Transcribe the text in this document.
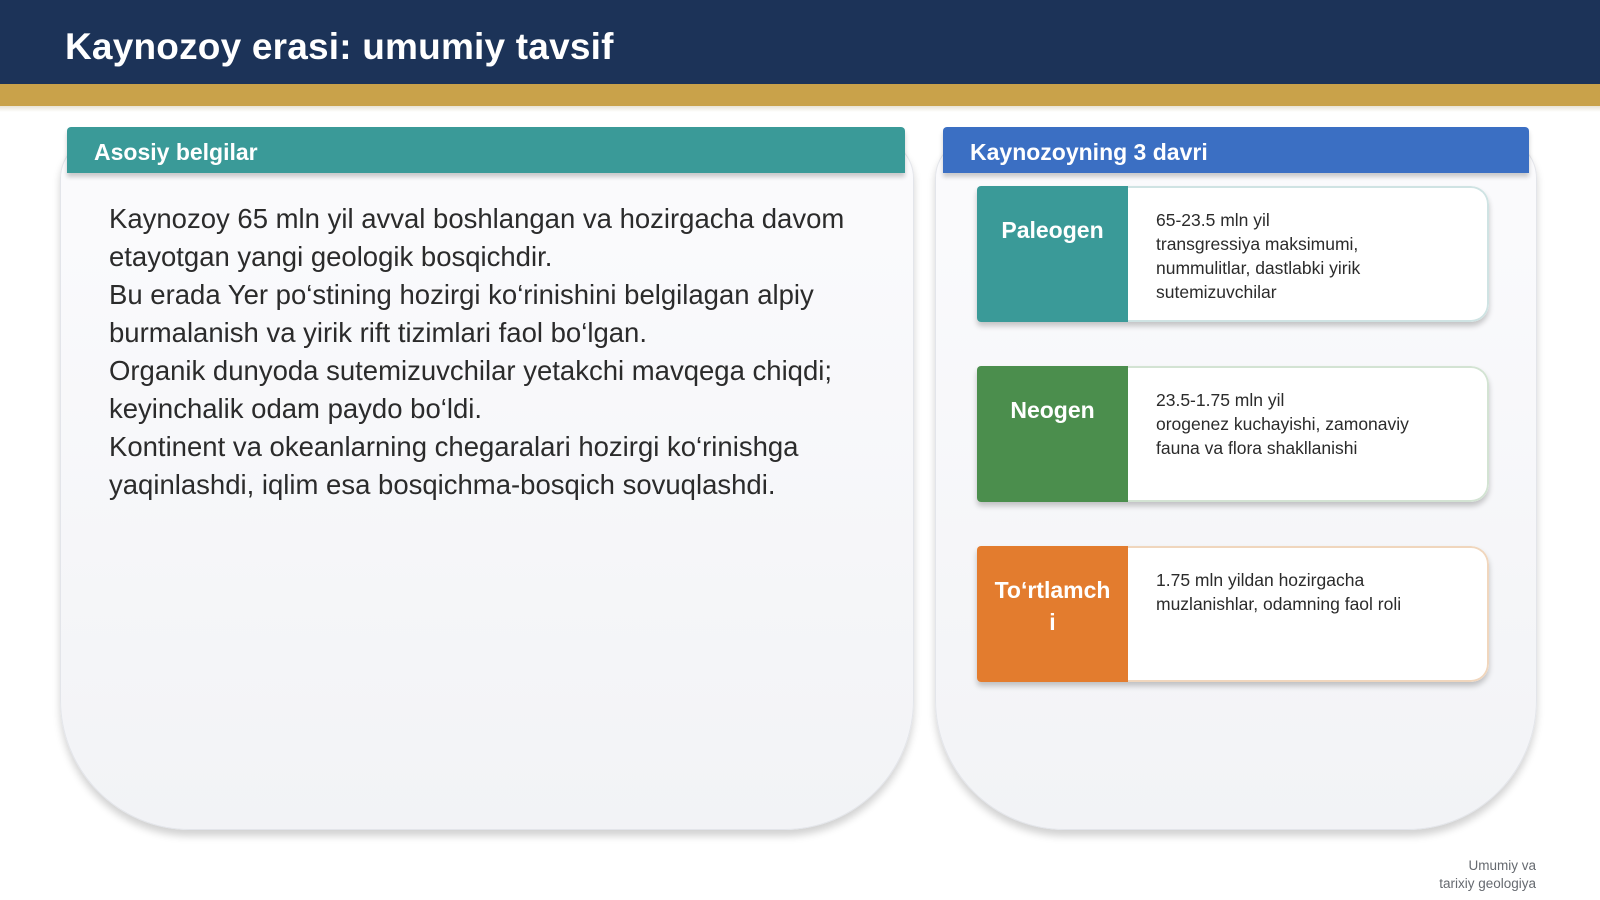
Kaynozoy erasi: umumiy tavsif
Asosiy belgilar

Kaynozoy 65 mln yil avval boshlangan va hozirgacha davom etayotgan yangi geologik bosqichdir.

Bu erada Yer po‘stining hozirgi ko‘rinishini belgilagan alpiy burmalanish va yirik rift tizimlari faol bo‘lgan.

Organik dunyoda sutemizuvchilar yetakchi mavqega chiqdi; keyinchalik odam paydo bo‘ldi.

Kontinent va okeanlarning chegaralari hozirgi ko‘rinishga yaqinlashdi, iqlim esa bosqichma-bosqich sovuqlashdi.

Kaynozoyning 3 davri
Paleogen	65-23.5 mln yil
transgressiya maksimumi,
nummulitlar, dastlabki yirik
sutemizuvchilar
Neogen	23.5-1.75 mln yil
orogenez kuchayishi, zamonaviy
fauna va flora shakllanishi
To‘rtlamchi
1.75 mln yildan hozirgacha
muzlanishlar, odamning faol roli
Umumiy va
tarixiy geologiya
